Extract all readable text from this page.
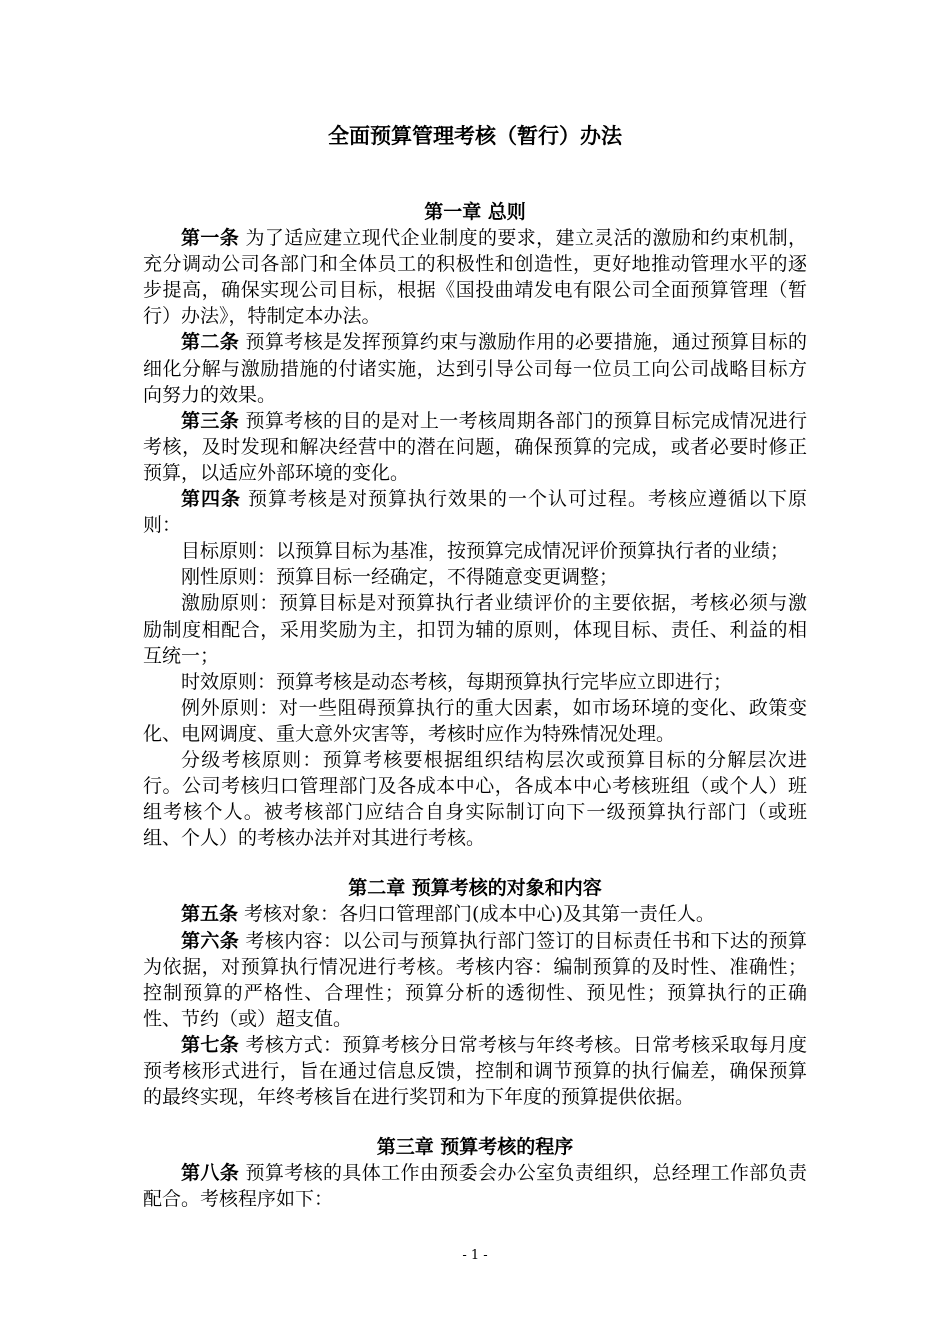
全面预算管理考核（暂行）办法
第一章 总则

第一条 为了适应建立现代企业制度的要求，建立灵活的激励和约束机制，充分调动公司各部门和全体员工的积极性和创造性，更好地推动管理水平的逐步提高，确保实现公司目标，根据《国投曲靖发电有限公司全面预算管理（暂行）办法》，特制定本办法。

第二条 预算考核是发挥预算约束与激励作用的必要措施，通过预算目标的细化分解与激励措施的付诸实施，达到引导公司每一位员工向公司战略目标方向努力的效果。

第三条 预算考核的目的是对上一考核周期各部门的预算目标完成情况进行考核，及时发现和解决经营中的潜在问题，确保预算的完成，或者必要时修正预算，以适应外部环境的变化。

第四条 预算考核是对预算执行效果的一个认可过程。考核应遵循以下原则：

目标原则：以预算目标为基准，按预算完成情况评价预算执行者的业绩；

刚性原则：预算目标一经确定，不得随意变更调整；

激励原则：预算目标是对预算执行者业绩评价的主要依据，考核必须与激励制度相配合，采用奖励为主，扣罚为辅的原则，体现目标、责任、利益的相互统一；

时效原则：预算考核是动态考核，每期预算执行完毕应立即进行；

例外原则：对一些阻碍预算执行的重大因素，如市场环境的变化、政策变化、电网调度、重大意外灾害等，考核时应作为特殊情况处理。

分级考核原则：预算考核要根据组织结构层次或预算目标的分解层次进行。公司考核归口管理部门及各成本中心，各成本中心考核班组（或个人）班组考核个人。被考核部门应结合自身实际制订向下一级预算执行部门（或班组、个人）的考核办法并对其进行考核。

第二章 预算考核的对象和内容

第五条 考核对象：各归口管理部门(成本中心)及其第一责任人。

第六条 考核内容：以公司与预算执行部门签订的目标责任书和下达的预算为依据，对预算执行情况进行考核。考核内容：编制预算的及时性、准确性；控制预算的严格性、合理性；预算分析的透彻性、预见性；预算执行的正确性、节约（或）超支值。

第七条 考核方式：预算考核分日常考核与年终考核。日常考核采取每月度预考核形式进行，旨在通过信息反馈，控制和调节预算的执行偏差，确保预算的最终实现，年终考核旨在进行奖罚和为下年度的预算提供依据。

第三章 预算考核的程序

第八条 预算考核的具体工作由预委会办公室负责组织，总经理工作部负责配合。考核程序如下：

- 1 -
